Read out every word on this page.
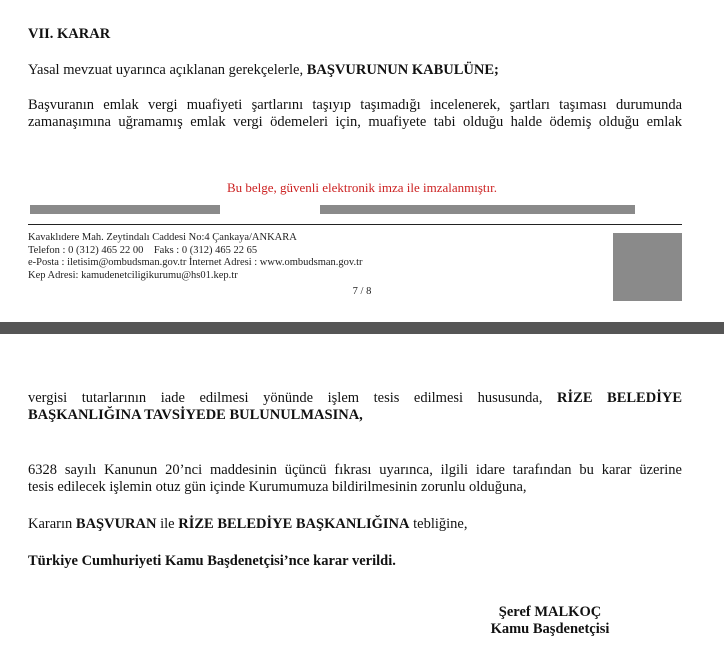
VII. KARAR
Yasal mevzuat uyarınca açıklanan gerekçelerle, BAŞVURUNUN KABULÜNE;
Başvuranın emlak vergi muafiyeti şartlarını taşıyıp taşımadığı incelenerek, şartları taşıması durumunda
zamanaşımına uğramamış emlak vergi ödemeleri için, muafiyete tabi olduğu halde ödemiş olduğu emlak
Bu belge, güvenli elektronik imza ile imzalanmıştır.
Kavaklıdere Mah. Zeytindalı Caddesi No:4 Çankaya/ANKARA
Telefon : 0 (312) 465 22 00    Faks : 0 (312) 465 22 65
e-Posta : iletisim@ombudsman.gov.tr İnternet Adresi : www.ombudsman.gov.tr
Kep Adresi: kamudenetciligikurumu@hs01.kep.tr
7 / 8
vergisi tutarlarının iade edilmesi yönünde işlem tesis edilmesi hususunda, RİZE BELEDİYE
BAŞKANLIĞINA TAVSİYEDE BULUNULMASINA,
6328 sayılı Kanunun 20’nci maddesinin üçüncü fıkrası uyarınca, ilgili idare tarafından bu karar üzerine
tesis edilecek işlemin otuz gün içinde Kurumumuza bildirilmesinin zorunlu olduğuna,
Kararın BAŞVURAN ile RİZE BELEDİYE BAŞKANLIĞINA tebliğine,
Türkiye Cumhuriyeti Kamu Başdenetçisi’nce karar verildi.
Şeref MALKOÇ
Kamu Başdenetçisi
